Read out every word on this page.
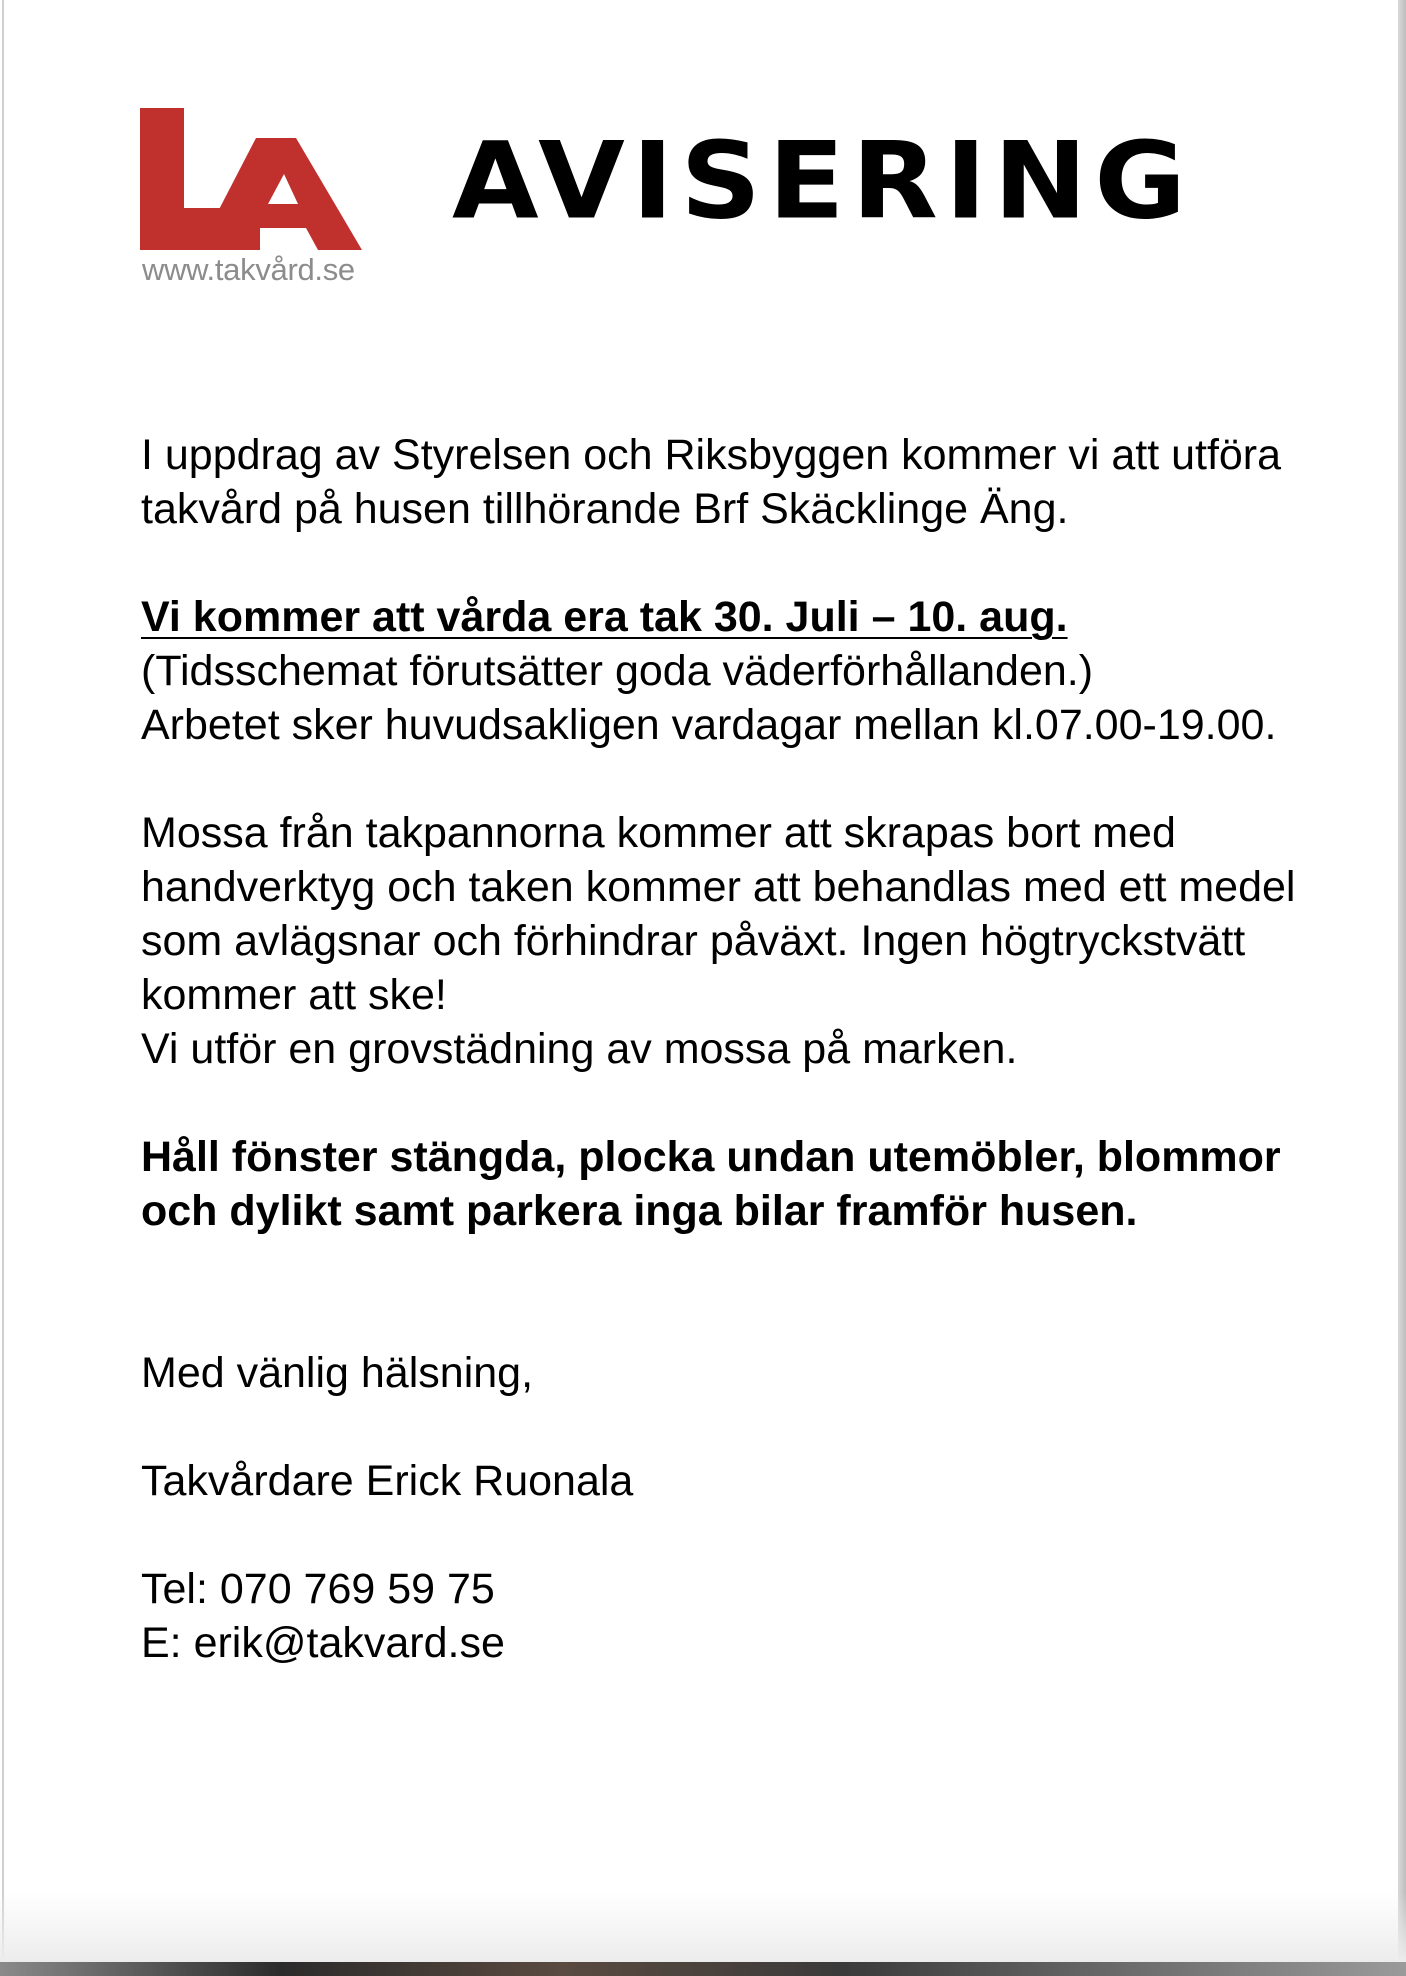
www.takvård.se
AVISERING

I uppdrag av Styrelsen och Riksbyggen kommer vi att utföra takvård på husen tillhörande Brf Skäcklinge Äng.

Vi kommer att vårda era tak 30. Juli – 10. aug.

(Tidsschemat förutsätter goda väderförhållanden.)

Arbetet sker huvudsakligen vardagar mellan kl.07.00-19.00.

Mossa från takpannorna kommer att skrapas bort med handverktyg och taken kommer att behandlas med ett medel som avlägsnar och förhindrar påväxt. Ingen högtryckstvätt kommer att ske!

Vi utför en grovstädning av mossa på marken.

Håll fönster stängda, plocka undan utemöbler, blommor och dylikt samt parkera inga bilar framför husen.

Med vänlig hälsning,

Takvårdare Erick Ruonala

Tel: 070 769 59 75

E: erik@takvard.se
